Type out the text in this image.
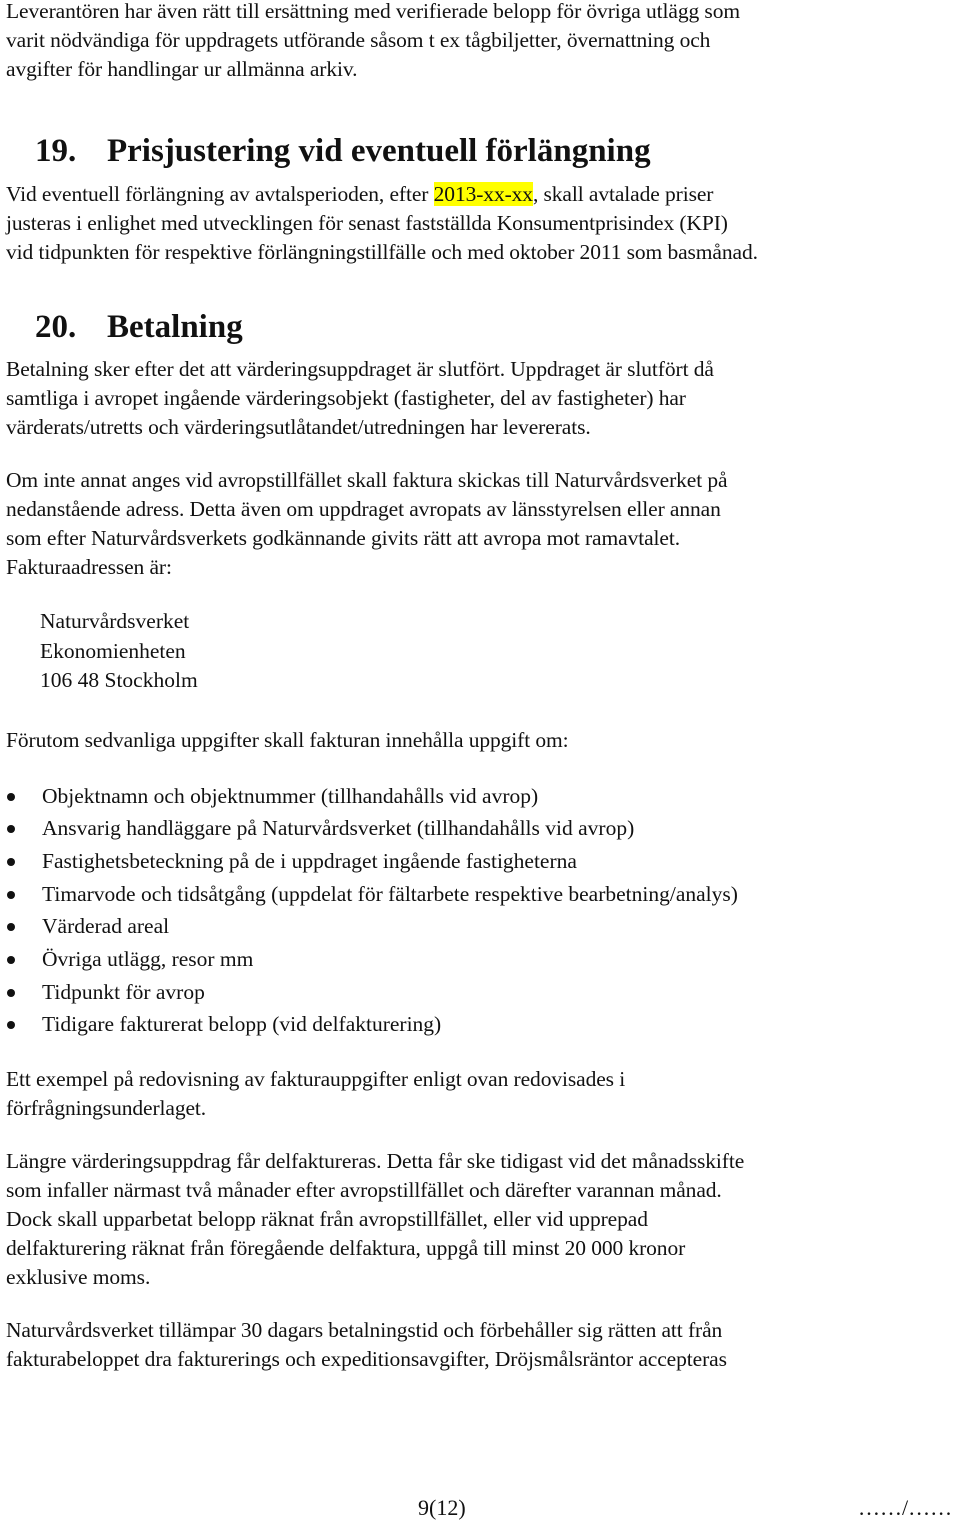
Leverantören har även rätt till ersättning med verifierade belopp för övriga utlägg som
varit nödvändiga för uppdragets utförande såsom t ex tågbiljetter, övernattning och
avgifter för handlingar ur allmänna arkiv.

19. Prisjustering vid eventuell förlängning

Vid eventuell förlängning av avtalsperioden, efter 2013-xx-xx, skall avtalade priser
justeras i enlighet med utvecklingen för senast fastställda Konsumentprisindex (KPI)
vid tidpunkten för respektive förlängningstillfälle och med oktober 2011 som basmånad.

20. Betalning

Betalning sker efter det att värderingsuppdraget är slutfört. Uppdraget är slutfört då
samtliga i avropet ingående värderingsobjekt (fastigheter, del av fastigheter) har
värderats/utretts och värderingsutlåtandet/utredningen har levererats.

Om inte annat anges vid avropstillfället skall faktura skickas till Naturvårdsverket på
nedanstående adress. Detta även om uppdraget avropats av länsstyrelsen eller annan
som efter Naturvårdsverkets godkännande givits rätt att avropa mot ramavtalet.
Fakturaadressen är:

Naturvårdsverket
Ekonomienheten
106 48 Stockholm

Förutom sedvanliga uppgifter skall fakturan innehålla uppgift om:

Objektnamn och objektnummer (tillhandahålls vid avrop)
Ansvarig handläggare på Naturvårdsverket (tillhandahålls vid avrop)
Fastighetsbeteckning på de i uppdraget ingående fastigheterna
Timarvode och tidsåtgång (uppdelat för fältarbete respektive bearbetning/analys)
Värderad areal
Övriga utlägg, resor mm
Tidpunkt för avrop
Tidigare fakturerat belopp (vid delfakturering)

Ett exempel på redovisning av fakturauppgifter enligt ovan redovisades i
förfrågningsunderlaget.

Längre värderingsuppdrag får delfaktureras. Detta får ske tidigast vid det månadsskifte
som infaller närmast två månader efter avropstillfället och därefter varannan månad.
Dock skall upparbetat belopp räknat från avropstillfället, eller vid upprepad
delfakturering räknat från föregående delfaktura, uppgå till minst 20 000 kronor
exklusive moms.

Naturvårdsverket tillämpar 30 dagars betalningstid och förbehåller sig rätten att från
fakturabeloppet dra fakturerings och expeditionsavgifter, Dröjsmålsräntor accepteras

9(12)	……/……
